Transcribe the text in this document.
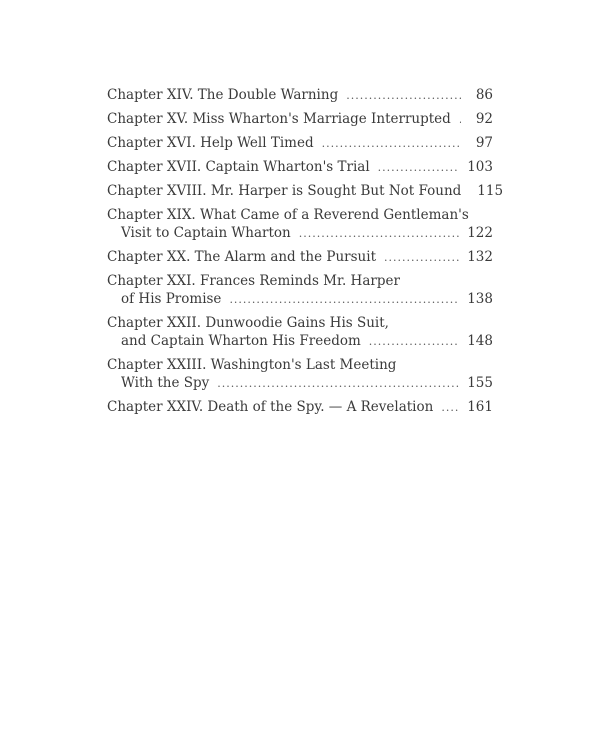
Chapter XIV. The Double Warning .....	86
Chapter XV. Miss Wharton's Marriage Interrupted .....	92
Chapter XVI. Help Well Timed .....	97
Chapter XVII. Captain Wharton's Trial .....	103
Chapter XVIII. Mr. Harper is Sought But Not Found 115
Chapter XIX. What Came of a Reverend Gentleman's
Visit to Captain Wharton .....	122
Chapter XX. The Alarm and the Pursuit .....	132
Chapter XXI. Frances Reminds Mr. Harper
of His Promise .....	138
Chapter XXII. Dunwoodie Gains His Suit,
and Captain Wharton His Freedom .....	148
Chapter XXIII. Washington's Last Meeting
With the Spy .....	155
Chapter XXIV. Death of the Spy. — A Revelation .....	161
